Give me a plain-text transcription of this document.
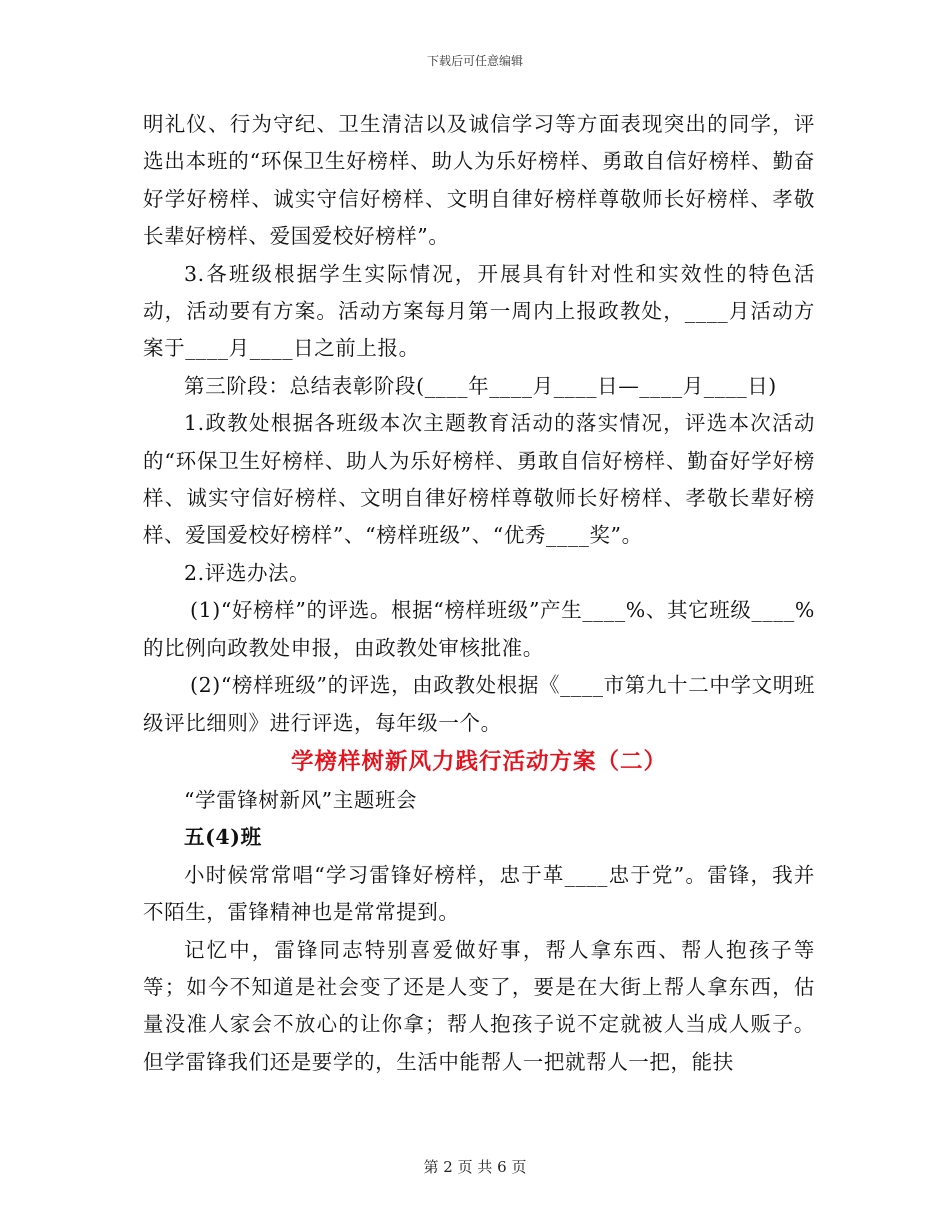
下载后可任意编辑

明礼仪、行为守纪、卫生清洁以及诚信学习等方面表现突出的同学，评选出本班的“环保卫生好榜样、助人为乐好榜样、勇敢自信好榜样、勤奋好学好榜样、诚实守信好榜样、文明自律好榜样尊敬师长好榜样、孝敬长辈好榜样、爱国爱校好榜样”。

3.各班级根据学生实际情况，开展具有针对性和实效性的特色活动，活动要有方案。活动方案每月第一周内上报政教处，____月活动方案于____月____日之前上报。

第三阶段：总结表彰阶段(____年____月____日—____月____日)

1.政教处根据各班级本次主题教育活动的落实情况，评选本次活动的“环保卫生好榜样、助人为乐好榜样、勇敢自信好榜样、勤奋好学好榜样、诚实守信好榜样、文明自律好榜样尊敬师长好榜样、孝敬长辈好榜样、爱国爱校好榜样”、“榜样班级”、“优秀____奖”。

2.评选办法。

(1)“好榜样”的评选。根据“榜样班级”产生____%、其它班级____%的比例向政教处申报，由政教处审核批准。

(2)“榜样班级”的评选，由政教处根据《____市第九十二中学文明班级评比细则》进行评选，每年级一个。

学榜样树新风力践行活动方案（二）

“学雷锋树新风”主题班会

五(4)班

小时候常常唱“学习雷锋好榜样，忠于革____忠于党”。雷锋，我并不陌生，雷锋精神也是常常提到。

记忆中，雷锋同志特别喜爱做好事，帮人拿东西、帮人抱孩子等等；如今不知道是社会变了还是人变了，要是在大街上帮人拿东西，估量没准人家会不放心的让你拿；帮人抱孩子说不定就被人当成人贩子。但学雷锋我们还是要学的，生活中能帮人一把就帮人一把，能扶

第 2 页 共 6 页
